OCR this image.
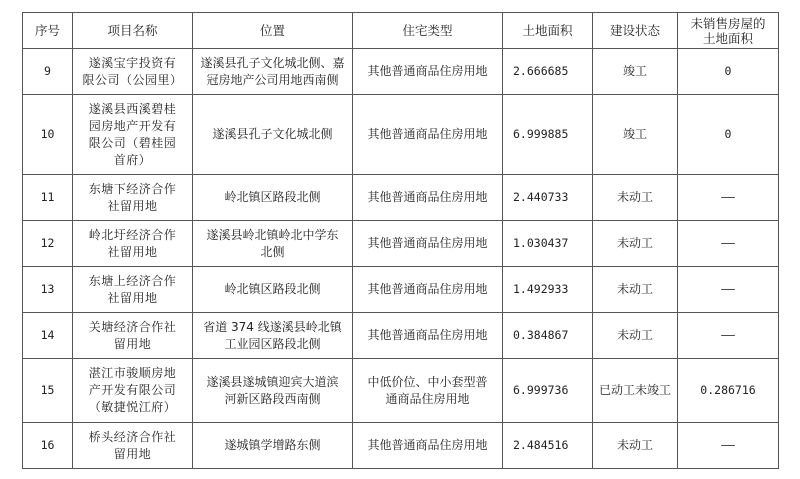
序号	项目名称	位置	住宅类型	土地面积	建设状态	未销售房屋的
土地面积
9	遂溪宝宇投资有
限公司（公园里）	遂溪县孔子文化城北侧、嘉
冠房地产公司用地西南侧	其他普通商品住房用地	2.666685	竣工	0
10	遂溪县西溪碧桂
园房地产开发有
限公司（碧桂园
首府）	遂溪县孔子文化城北侧	其他普通商品住房用地	6.999885	竣工	0
11	东塘下经济合作
社留用地	岭北镇区路段北侧	其他普通商品住房用地	2.440733	未动工	——
12	岭北圩经济合作
社留用地	遂溪县岭北镇岭北中学东
北侧	其他普通商品住房用地	1.030437	未动工	——
13	东塘上经济合作
社留用地	岭北镇区路段北侧	其他普通商品住房用地	1.492933	未动工	——
14	关塘经济合作社
留用地	省道 374 线遂溪县岭北镇
工业园区路段北侧	其他普通商品住房用地	0.384867	未动工	——
15	湛江市骏顺房地
产开发有限公司
（敏捷悦江府）	遂溪县遂城镇迎宾大道滨
河新区路段西南侧	中低价位、中小套型普
通商品住房用地	6.999736	已动工未竣工	0.286716
16	桥头经济合作社
留用地	遂城镇学增路东侧	其他普通商品住房用地	2.484516	未动工	——
